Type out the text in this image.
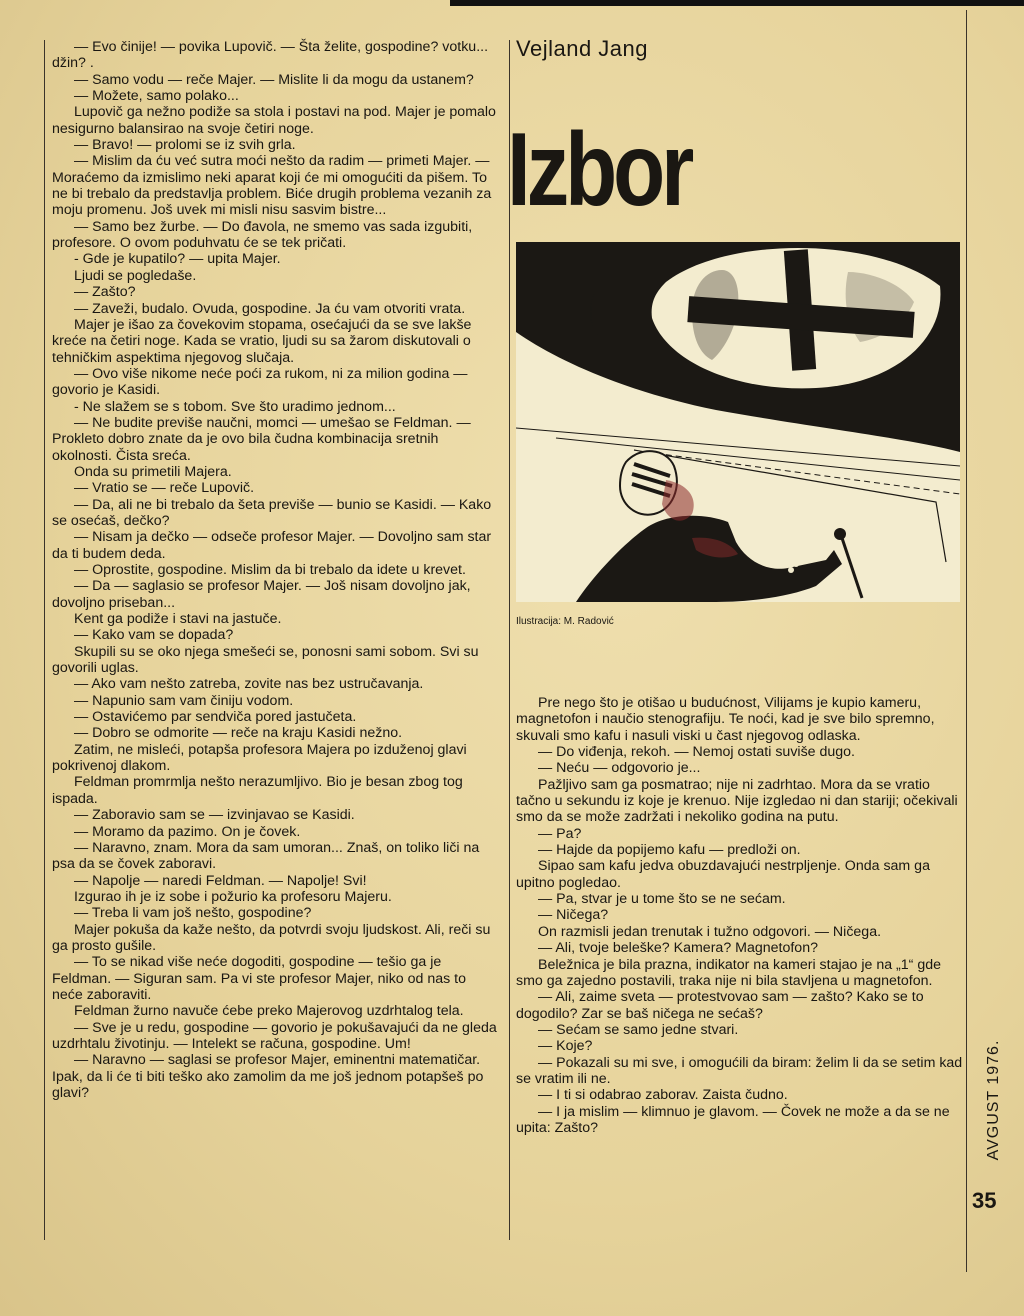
— Evo činije! — povika Lupovič. — Šta želite, gospodine? votku... džin? .

— Samo vodu — reče Majer. — Mislite li da mogu da ustanem?

— Možete, samo polako...

Lupovič ga nežno podiže sa stola i postavi na pod. Majer je pomalo nesigurno balansirao na svoje četiri noge.

— Bravo! — prolomi se iz svih grla.

— Mislim da ću već sutra moći nešto da radim — primeti Majer. — Moraćemo da izmislimo neki aparat koji će mi omogućiti da pišem. To ne bi trebalo da predstavlja problem. Biće drugih problema vezanih za moju promenu. Još uvek mi misli nisu sasvim bistre...

— Samo bez žurbe. — Do đavola, ne smemo vas sada izgubiti, profesore. O ovom poduhvatu će se tek pričati.

- Gde je kupatilo? — upita Majer.

Ljudi se pogledaše.

— Zašto?

— Zaveži, budalo. Ovuda, gospodine. Ja ću vam otvoriti vrata.

Majer je išao za čovekovim stopama, osećajući da se sve lakše kreće na četiri noge. Kada se vratio, ljudi su sa žarom diskutovali o tehničkim aspektima njegovog slučaja.

— Ovo više nikome neće poći za rukom, ni za milion godina — govorio je Kasidi.

- Ne slažem se s tobom. Sve što uradimo jednom...

— Ne budite previše naučni, momci — umešao se Feldman. — Prokleto dobro znate da je ovo bila čudna kombinacija sretnih okolnosti. Čista sreća.

Onda su primetili Majera.

— Vratio se — reče Lupovič.

— Da, ali ne bi trebalo da šeta previše — bunio se Kasidi. — Kako se osećaš, dečko?

— Nisam ja dečko — odseče profesor Majer. — Dovoljno sam star da ti budem deda.

— Oprostite, gospodine. Mislim da bi trebalo da idete u krevet.

— Da — saglasio se profesor Majer. — Još nisam dovoljno jak, dovoljno priseban...

Kent ga podiže i stavi na jastuče.

— Kako vam se dopada?

Skupili su se oko njega smešeći se, ponosni sami sobom. Svi su govorili uglas.

— Ako vam nešto zatreba, zovite nas bez ustručavanja.

— Napunio sam vam činiju vodom.

— Ostavićemo par sendviča pored jastučeta.

— Dobro se odmorite — reče na kraju Kasidi nežno.

Zatim, ne misleći, potapša profesora Majera po izduženoj glavi pokrivenoj dlakom.

Feldman promrmlja nešto nerazumljivo. Bio je besan zbog tog ispada.

— Zaboravio sam se — izvinjavao se Kasidi.

— Moramo da pazimo. On je čovek.

— Naravno, znam. Mora da sam umoran... Znaš, on toliko liči na psa da se čovek zaboravi.

— Napolje — naredi Feldman. — Napolje! Svi!

Izgurao ih je iz sobe i požurio ka profesoru Majeru.

— Treba li vam još nešto, gospodine?

Majer pokuša da kaže nešto, da potvrdi svoju ljudskost. Ali, reči su ga prosto gušile.

— To se nikad više neće dogoditi, gospodine — tešio ga je Feldman. — Siguran sam. Pa vi ste profesor Majer, niko od nas to neće zaboraviti.

Feldman žurno navuče ćebe preko Majerovog uzdrhtalog tela.

— Sve je u redu, gospodine — govorio je pokušavajući da ne gleda uzdrhtalu životinju. — Intelekt se računa, gospodine. Um!

— Naravno — saglasi se profesor Majer, eminentni matematičar. Ipak, da li će ti biti teško ako zamolim da me još jednom potapšeš po glavi?

Vejland Jang
Izbor
Ilustracija: M. Radović

Pre nego što je otišao u budućnost, Vilijams je kupio kameru, magnetofon i naučio stenografiju. Te noći, kad je sve bilo spremno, skuvali smo kafu i nasuli viski u čast njegovog odlaska.

— Do viđenja, rekoh. — Nemoj ostati suviše dugo.

— Neću — odgovorio je...

Pažljivo sam ga posmatrao; nije ni zadrhtao. Mora da se vratio tačno u sekundu iz koje je krenuo. Nije izgledao ni dan stariji; očekivali smo da se može zadržati i nekoliko godina na putu.

— Pa?

— Hajde da popijemo kafu — predloži on.

Sipao sam kafu jedva obuzdavajući nestrpljenje. Onda sam ga upitno pogledao.

— Pa, stvar je u tome što se ne sećam.

— Ničega?

On razmisli jedan trenutak i tužno odgovori. — Ničega.

— Ali, tvoje beleške? Kamera? Magnetofon?

Beležnica je bila prazna, indikator na kameri stajao je na „1“ gde smo ga zajedno postavili, traka nije ni bila stavljena u magnetofon.

— Ali, zaime sveta — protestvovao sam — zašto? Kako se to dogodilo? Zar se baš ničega ne sećaš?

— Sećam se samo jedne stvari.

— Koje?

— Pokazali su mi sve, i omogućili da biram: želim li da se setim kad se vratim ili ne.

— I ti si odabrao zaborav. Zaista čudno.

— I ja mislim — klimnuo je glavom. — Čovek ne može a da se ne upita: Zašto?	AVGUST 1976.
35
